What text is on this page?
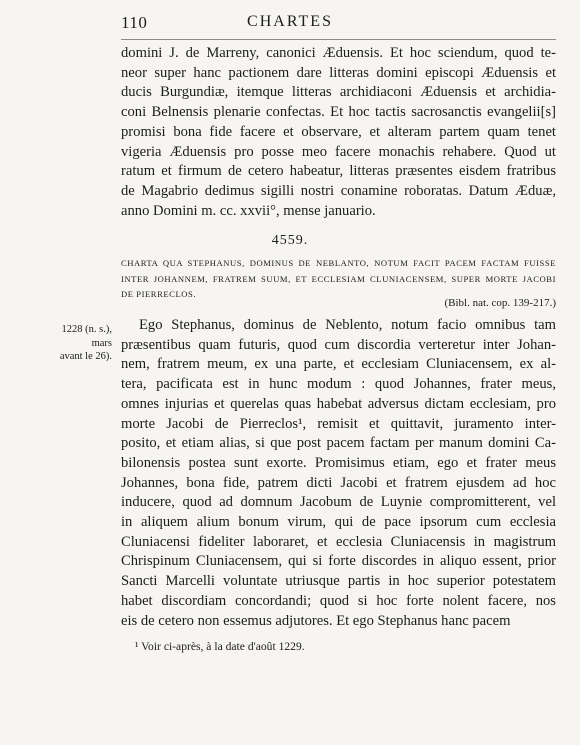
110	CHARTES

domini J. de Marreny, canonici Æduensis. Et hoc sciendum, quod te-
neor super hanc pactionem dare litteras domini episcopi Æduensis et
ducis Burgundiæ, itemque litteras archidiaconi Æduensis et archidia-
coni Belnensis plenarie confectas. Et hoc tactis sacrosanctis evangelii[s]
promisi bona fide facere et observare, et alteram partem quam tenet
vigeria Æduensis pro posse meo facere monachis rehabere. Quod ut
ratum et firmum de cetero habeatur, litteras præsentes eisdem fratribus
de Magabrio dedimus sigilli nostri conamine roboratas. Datum Æduæ,
anno Domini m. cc. xxvii°, mense januario.

4559.

CHARTA QUA STEPHANUS, DOMINUS DE NEBLANTO, NOTUM FACIT PACEM FACTAM FUISSE
INTER JOHANNEM, FRATREM SUUM, ET ECCLESIAM CLUNIACENSEM, SUPER MORTE JACOBI
DE PIERRECLOS.

(Bibl. nat. cop. 139-217.)
1228 (n. s.),
mars
avant le 26).

Ego Stephanus, dominus de Neblento, notum facio omnibus tam
præsentibus quam futuris, quod cum discordia verteretur inter Johan-
nem, fratrem meum, ex una parte, et ecclesiam Cluniacensem, ex al-
tera, pacificata est in hunc modum : quod Johannes, frater meus,
omnes injurias et querelas quas habebat adversus dictam ecclesiam, pro
morte Jacobi de Pierreclos¹, remisit et quittavit, juramento inter-
posito, et etiam alias, si que post pacem factam per manum domini Ca-
bilonensis postea sunt exorte. Promisimus etiam, ego et frater meus
Johannes, bona fide, patrem dicti Jacobi et fratrem ejusdem ad hoc
inducere, quod ad domnum Jacobum de Luynie compromitterent, vel
in aliquem alium bonum virum, qui de pace ipsorum cum ecclesia
Cluniacensi fideliter laboraret, et ecclesia Cluniacensis in magistrum
Chrispinum Cluniacensem, qui si forte discordes in aliquo essent, prior
Sancti Marcelli voluntate utriusque partis in hoc superior potestatem
habet discordiam concordandi; quod si hoc forte nolent facere, nos
eis de cetero non essemus adjutores. Et ego Stephanus hanc pacem

¹ Voir ci-après, à la date d'août 1229.
